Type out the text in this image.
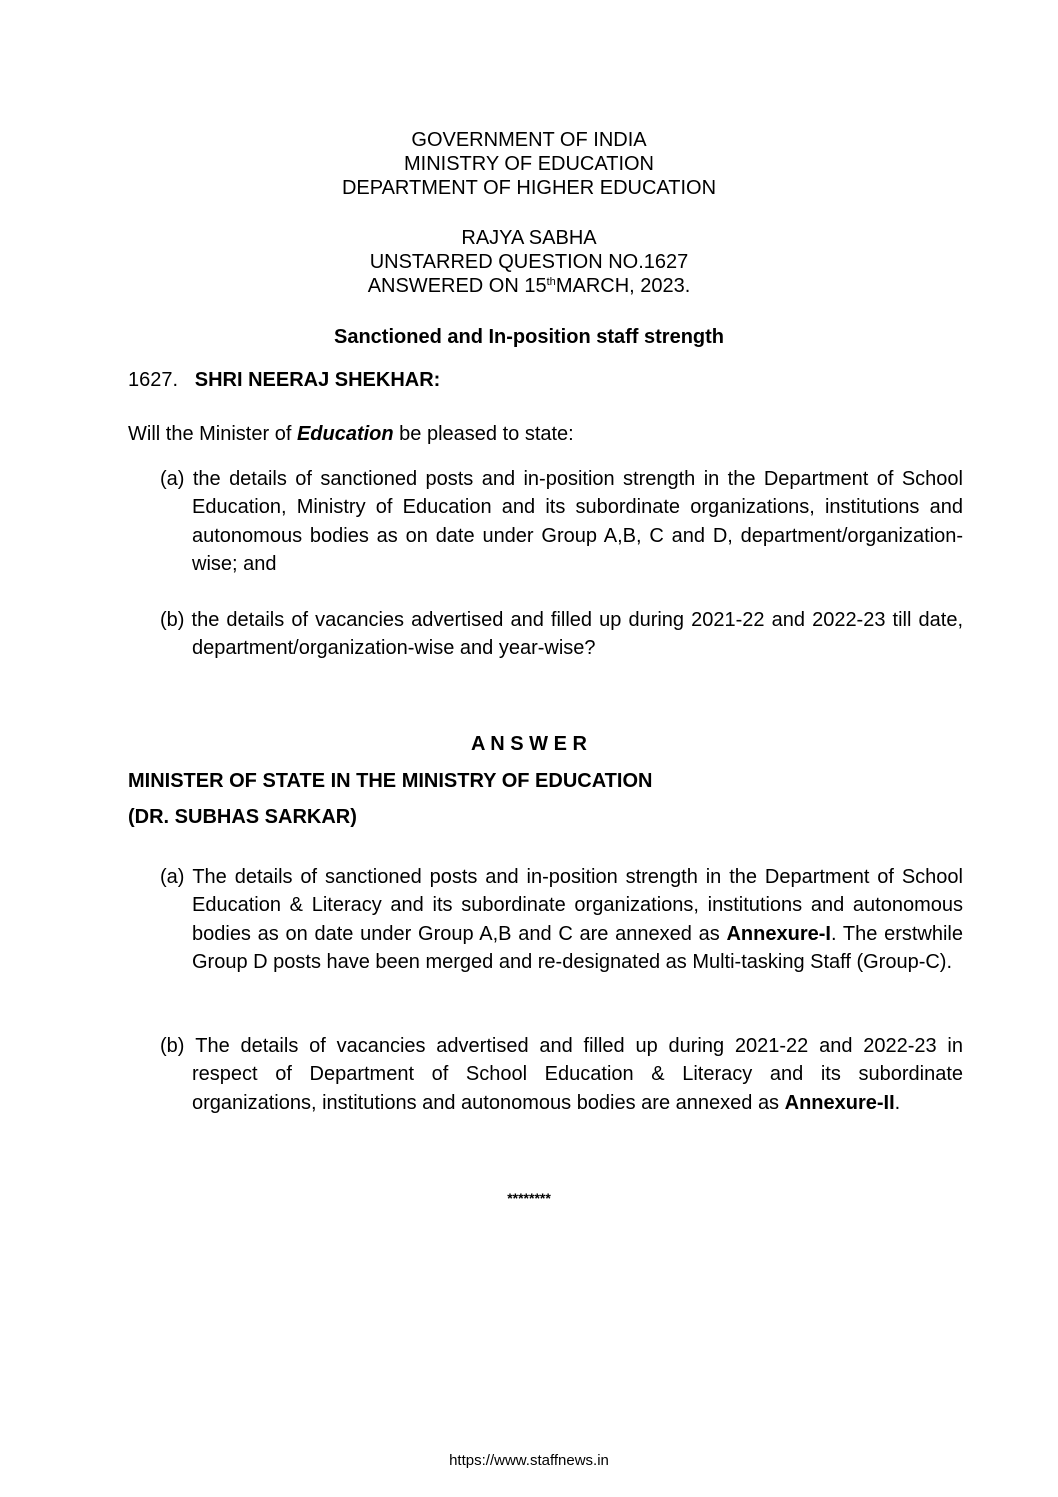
GOVERNMENT OF INDIA
MINISTRY OF EDUCATION
DEPARTMENT OF HIGHER EDUCATION
RAJYA SABHA
UNSTARRED QUESTION NO.1627
ANSWERED ON 15thMARCH, 2023.
Sanctioned and In-position staff strength
1627. SHRI NEERAJ SHEKHAR:
Will the Minister of Education be pleased to state:
(a) the details of sanctioned posts and in-position strength in the Department of School Education, Ministry of Education and its subordinate organizations, institutions and autonomous bodies as on date under Group A,B, C and D, department/organization-wise; and
(b) the details of vacancies advertised and filled up during 2021-22 and 2022-23 till date, department/organization-wise and year-wise?
A N S W E R
MINISTER OF STATE IN THE MINISTRY OF EDUCATION
(DR. SUBHAS SARKAR)
(a) The details of sanctioned posts and in-position strength in the Department of School Education & Literacy and its subordinate organizations, institutions and autonomous bodies as on date under Group A,B and C are annexed as Annexure-I. The erstwhile Group D posts have been merged and re-designated as Multi-tasking Staff (Group-C).
(b) The details of vacancies advertised and filled up during 2021-22 and 2022-23 in respect of Department of School Education & Literacy and its subordinate organizations, institutions and autonomous bodies are annexed as Annexure-II.
********
https://www.staffnews.in
